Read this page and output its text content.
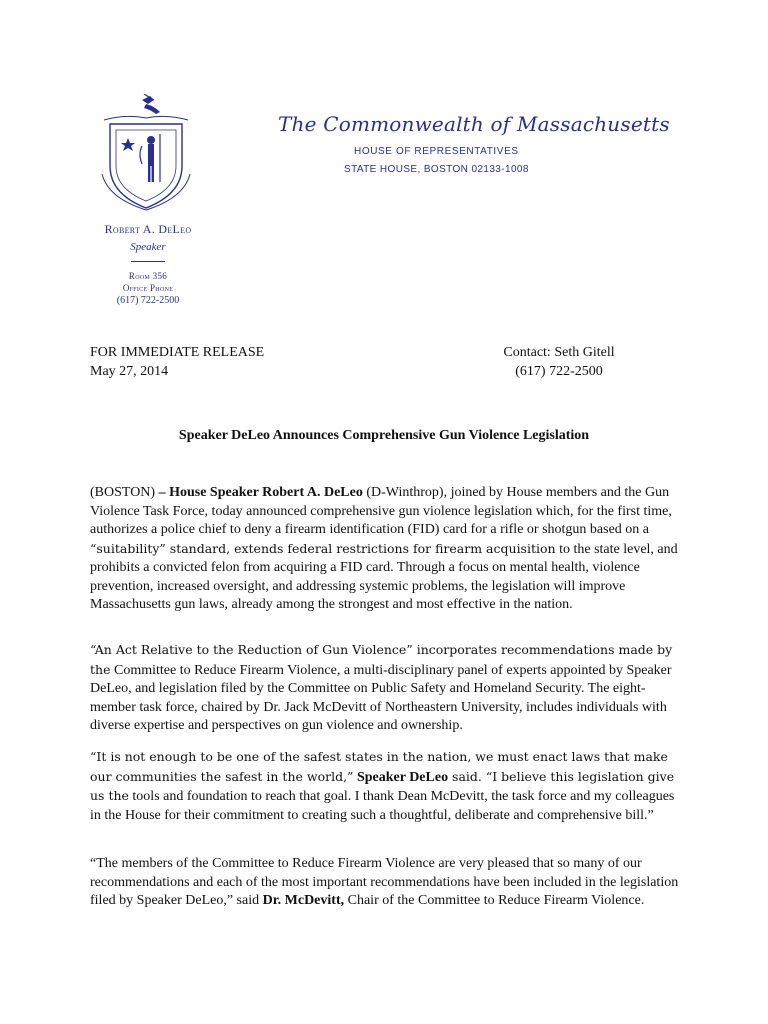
The Commonwealth of Massachusetts
HOUSE OF REPRESENTATIVES
STATE HOUSE, BOSTON 02133-1008
Robert A. DeLeo
Speaker
Room 356
Office Phone
(617) 722-2500
FOR IMMEDIATE RELEASE
May 27, 2014
Contact: Seth Gitell
(617) 722-2500
Speaker DeLeo Announces Comprehensive Gun Violence Legislation

(BOSTON) – House Speaker Robert A. DeLeo (D-Winthrop), joined by House members and the Gun Violence Task Force, today announced comprehensive gun violence legislation which, for the first time, authorizes a police chief to deny a firearm identification (FID) card for a rifle or shotgun based on a “suitability” standard, extends federal restrictions for firearm acquisition to the state level, and prohibits a convicted felon from acquiring a FID card. Through a focus on mental health, violence prevention, increased oversight, and addressing systemic problems, the legislation will improve Massachusetts gun laws, already among the strongest and most effective in the nation.

“An Act Relative to the Reduction of Gun Violence” incorporates recommendations made by the Committee to Reduce Firearm Violence, a multi-disciplinary panel of experts appointed by Speaker DeLeo, and legislation filed by the Committee on Public Safety and Homeland Security. The eight-member task force, chaired by Dr. Jack McDevitt of Northeastern University, includes individuals with diverse expertise and perspectives on gun violence and ownership.

“It is not enough to be one of the safest states in the nation, we must enact laws that make our communities the safest in the world,” Speaker DeLeo said. “I believe this legislation give us the tools and foundation to reach that goal. I thank Dean McDevitt, the task force and my colleagues in the House for their commitment to creating such a thoughtful, deliberate and comprehensive bill.”

“The members of the Committee to Reduce Firearm Violence are very pleased that so many of our recommendations and each of the most important recommendations have been included in the legislation filed by Speaker DeLeo,” said Dr. McDevitt, Chair of the Committee to Reduce Firearm Violence.
